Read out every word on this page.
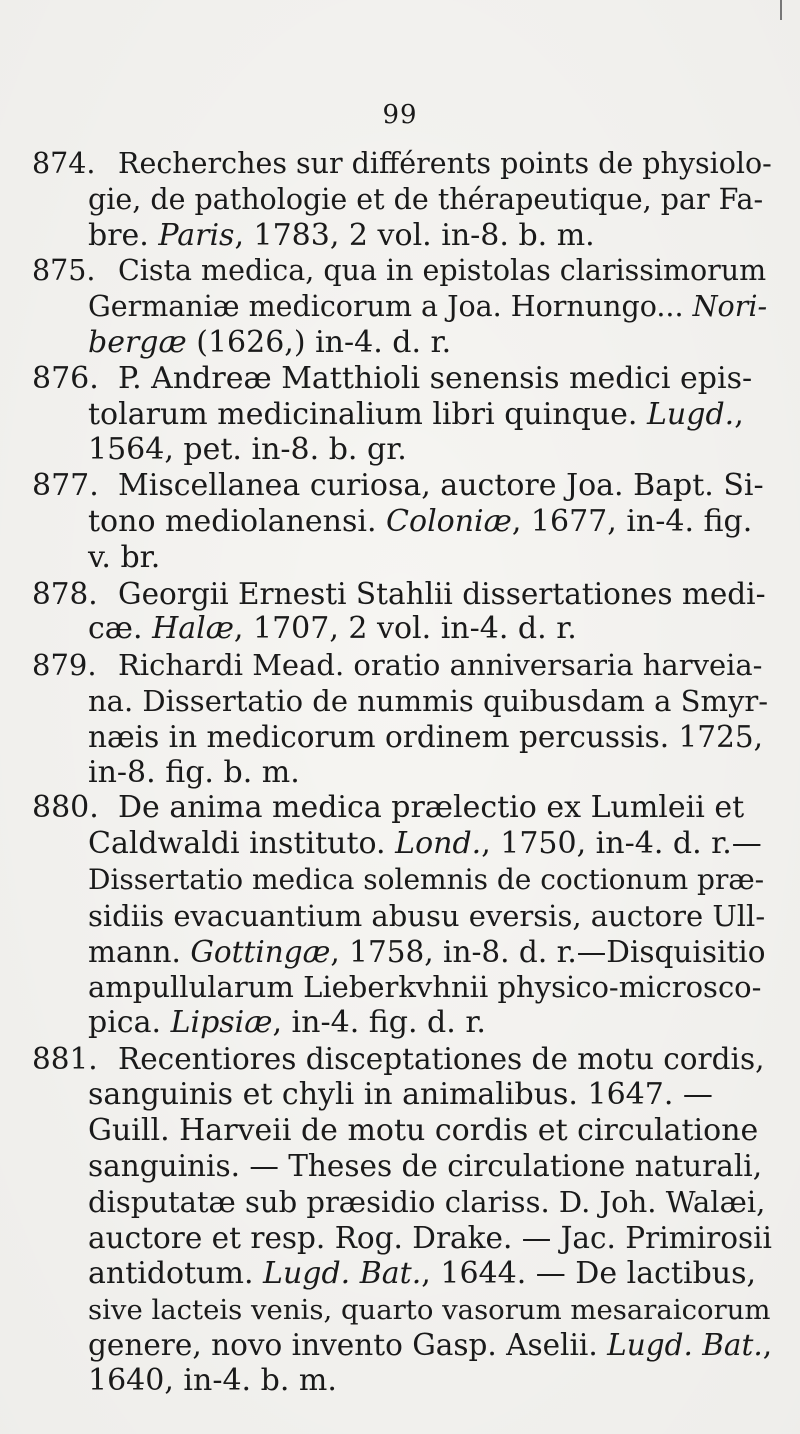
99
874. Recherches sur différents points de physiolo-
gie, de pathologie et de thérapeutique, par Fa-
bre. Paris, 1783, 2 vol. in-8. b. m.
875. Cista medica, qua in epistolas clarissimorum
Germaniæ medicorum a Joa. Hornungo... Nori-
bergæ (1626,) in-4. d. r.
876. P. Andreæ Matthioli senensis medici epis-
tolarum medicinalium libri quinque. Lugd.,
1564, pet. in-8. b. gr.
877. Miscellanea curiosa, auctore Joa. Bapt. Si-
tono mediolanensi. Coloniæ, 1677, in-4. fig.
v. br.
878. Georgii Ernesti Stahlii dissertationes medi-
cæ. Halæ, 1707, 2 vol. in-4. d. r.
879. Richardi Mead. oratio anniversaria harveia-
na. Dissertatio de nummis quibusdam a Smyr-
næis in medicorum ordinem percussis. 1725,
in-8. fig. b. m.
880. De anima medica prælectio ex Lumleii et
Caldwaldi instituto. Lond., 1750, in-4. d. r.—
Dissertatio medica solemnis de coctionum præ-
sidiis evacuantium abusu eversis, auctore Ull-
mann. Gottingæ, 1758, in-8. d. r.—Disquisitio
ampullularum Lieberkvhnii physico-microsco-
pica. Lipsiæ, in-4. fig. d. r.
881. Recentiores disceptationes de motu cordis,
sanguinis et chyli in animalibus. 1647. —
Guill. Harveii de motu cordis et circulatione
sanguinis. — Theses de circulatione naturali,
disputatæ sub præsidio clariss. D. Joh. Walæi,
auctore et resp. Rog. Drake. — Jac. Primirosii
antidotum. Lugd. Bat., 1644. — De lactibus,
sive lacteis venis, quarto vasorum mesaraicorum
genere, novo invento Gasp. Aselii. Lugd. Bat.,
1640, in-4. b. m.
